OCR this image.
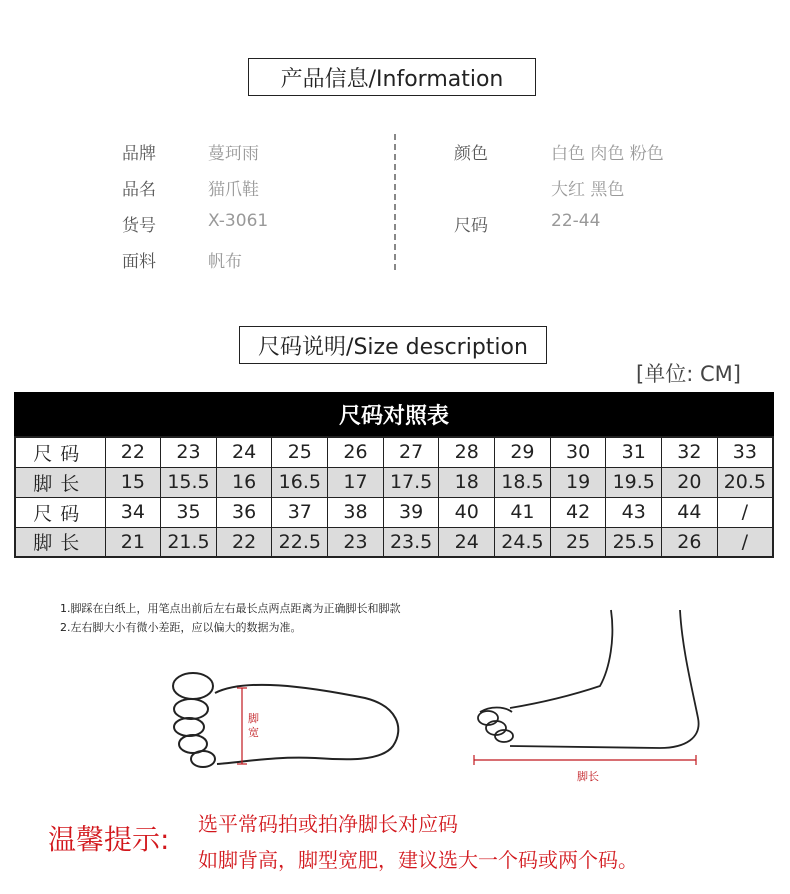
产品信息/Information
品牌	蔓珂雨
品名	猫爪鞋
货号	X-3061
面料	帆布
颜色	白色 肉色 粉色
大红 黑色
尺码	22-44
尺码说明/Size description
[单位: CM]
尺码对照表
尺码	22	23	24	25	26	27	28	29	30	31	32	33
脚长	15	15.5	16	16.5	17	17.5	18	18.5	19	19.5	20	20.5
尺码	34	35	36	37	38	39	40	41	42	43	44	/
脚长	21	21.5	22	22.5	23	23.5	24	24.5	25	25.5	26	/
1.脚踩在白纸上，用笔点出前后左右最长点两点距离为正确脚长和脚款
2.左右脚大小有微小差距，应以偏大的数据为准。
脚宽
脚长
温馨提示: 选平常码拍或拍净脚长对应码
如脚背高，脚型宽肥，建议选大一个码或两个码。
